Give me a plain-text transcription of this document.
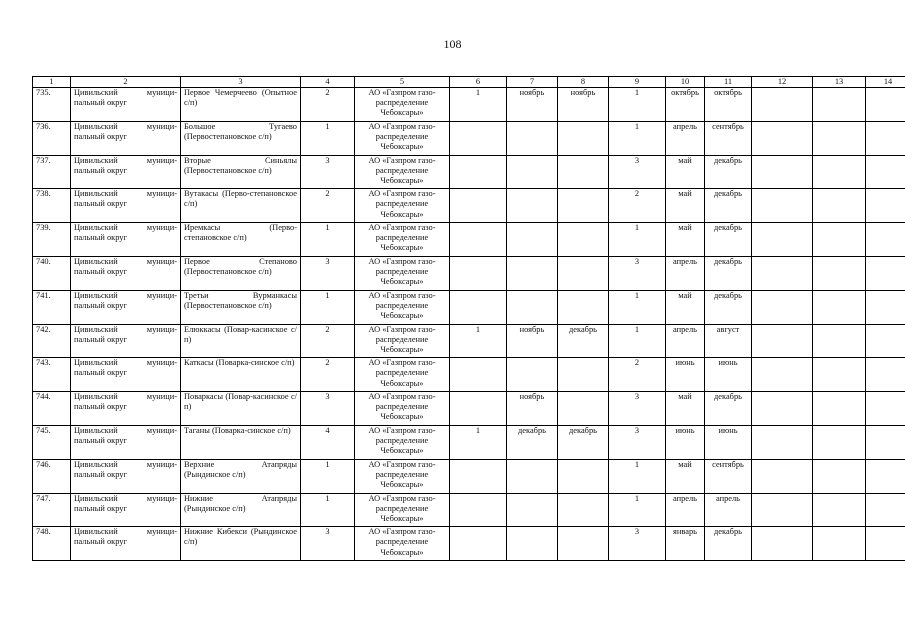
108
1	2	3	4	5	6	7	8	9	10	11	12	13	14
735.	Цивильский муници-пальный округ	Первое Чемерчеево (Опытное с/п)	2	АО «Газпром газо-распределение Чебоксары»	1	ноябрь	ноябрь	1	октябрь	октябрь			
736.	Цивильский муници-пальный округ	Большое Тугаево (Первостепановское с/п)	1	АО «Газпром газо-распределение Чебоксары»				1	апрель	сентябрь			
737.	Цивильский муници-пальный округ	Вторые Синьялы (Первостепановское с/п)	3	АО «Газпром газо-распределение Чебоксары»				3	май	декабрь			
738.	Цивильский муници-пальный округ	Вутакасы (Перво-степановское с/п)	2	АО «Газпром газо-распределение Чебоксары»				2	май	декабрь			
739.	Цивильский муници-пальный округ	Иремкасы (Перво-степановское с/п)	1	АО «Газпром газо-распределение Чебоксары»				1	май	декабрь			
740.	Цивильский муници-пальный округ	Первое Степаново (Первостепановское с/п)	3	АО «Газпром газо-распределение Чебоксары»				3	апрель	декабрь			
741.	Цивильский муници-пальный округ	Третьи Вурманкасы (Первостепановское с/п)	1	АО «Газпром газо-распределение Чебоксары»				1	май	декабрь			
742.	Цивильский муници-пальный округ	Елюккасы (Повар-касинское с/п)	2	АО «Газпром газо-распределение Чебоксары»	1	ноябрь	декабрь	1	апрель	август			
743.	Цивильский муници-пальный округ	Каткасы (Поварка-синское с/п)	2	АО «Газпром газо-распределение Чебоксары»				2	июнь	июнь			
744.	Цивильский муници-пальный округ	Поваркасы (Повар-касинское с/п)	3	АО «Газпром газо-распределение Чебоксары»		ноябрь		3	май	декабрь			
745.	Цивильский муници-пальный округ	Таганы (Поварка-синское с/п)	4	АО «Газпром газо-распределение Чебоксары»	1	декабрь	декабрь	3	июнь	июнь			
746.	Цивильский муници-пальный округ	Верхние Атапряды (Рындинское с/п)	1	АО «Газпром газо-распределение Чебоксары»				1	май	сентябрь			
747.	Цивильский муници-пальный округ	Нижние Атапряды (Рындинское с/п)	1	АО «Газпром газо-распределение Чебоксары»				1	апрель	апрель			
748.	Цивильский муници-пальный округ	Нижние Кибекси (Рындинское с/п)	3	АО «Газпром газо-распределение Чебоксары»				3	январь	декабрь			
